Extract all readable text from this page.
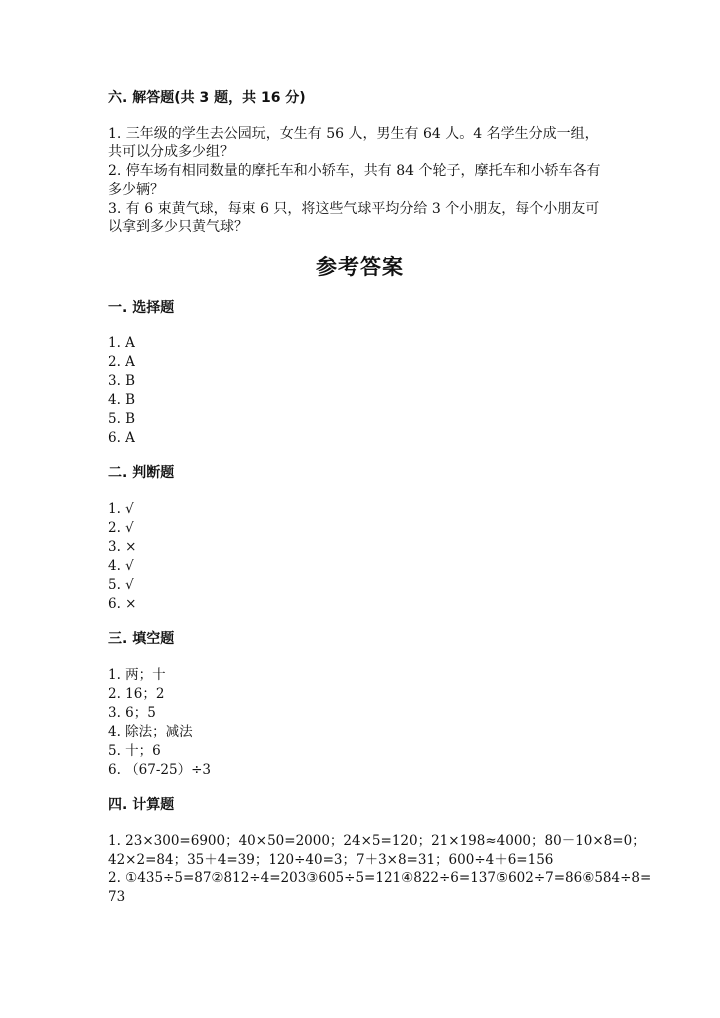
六. 解答题(共 3 题，共 16 分)
1. 三年级的学生去公园玩，女生有 56 人，男生有 64 人。4 名学生分成一组，
共可以分成多少组？
2. 停车场有相同数量的摩托车和小轿车，共有 84 个轮子，摩托车和小轿车各有
多少辆？
3. 有 6 束黄气球，每束 6 只，将这些气球平均分给 3 个小朋友，每个小朋友可
以拿到多少只黄气球？
参考答案
一. 选择题
1. A
2. A
3. B
4. B
5. B
6. A
二. 判断题
1. √
2. √
3. ×
4. √
5. √
6. ×
三. 填空题
1. 两；十
2. 16；2
3. 6；5
4. 除法；减法
5. 十；6
6. （67-25）÷3
四. 计算题
1. 23×300=6900；40×50=2000；24×5=120；21×198≈4000；80－10×8=0；
42×2=84；35＋4=39；120÷40=3；7＋3×8=31；600÷4＋6=156
2. ①435÷5=87②812÷4=203③605÷5=121④822÷6=137⑤602÷7=86⑥584÷8=
73
